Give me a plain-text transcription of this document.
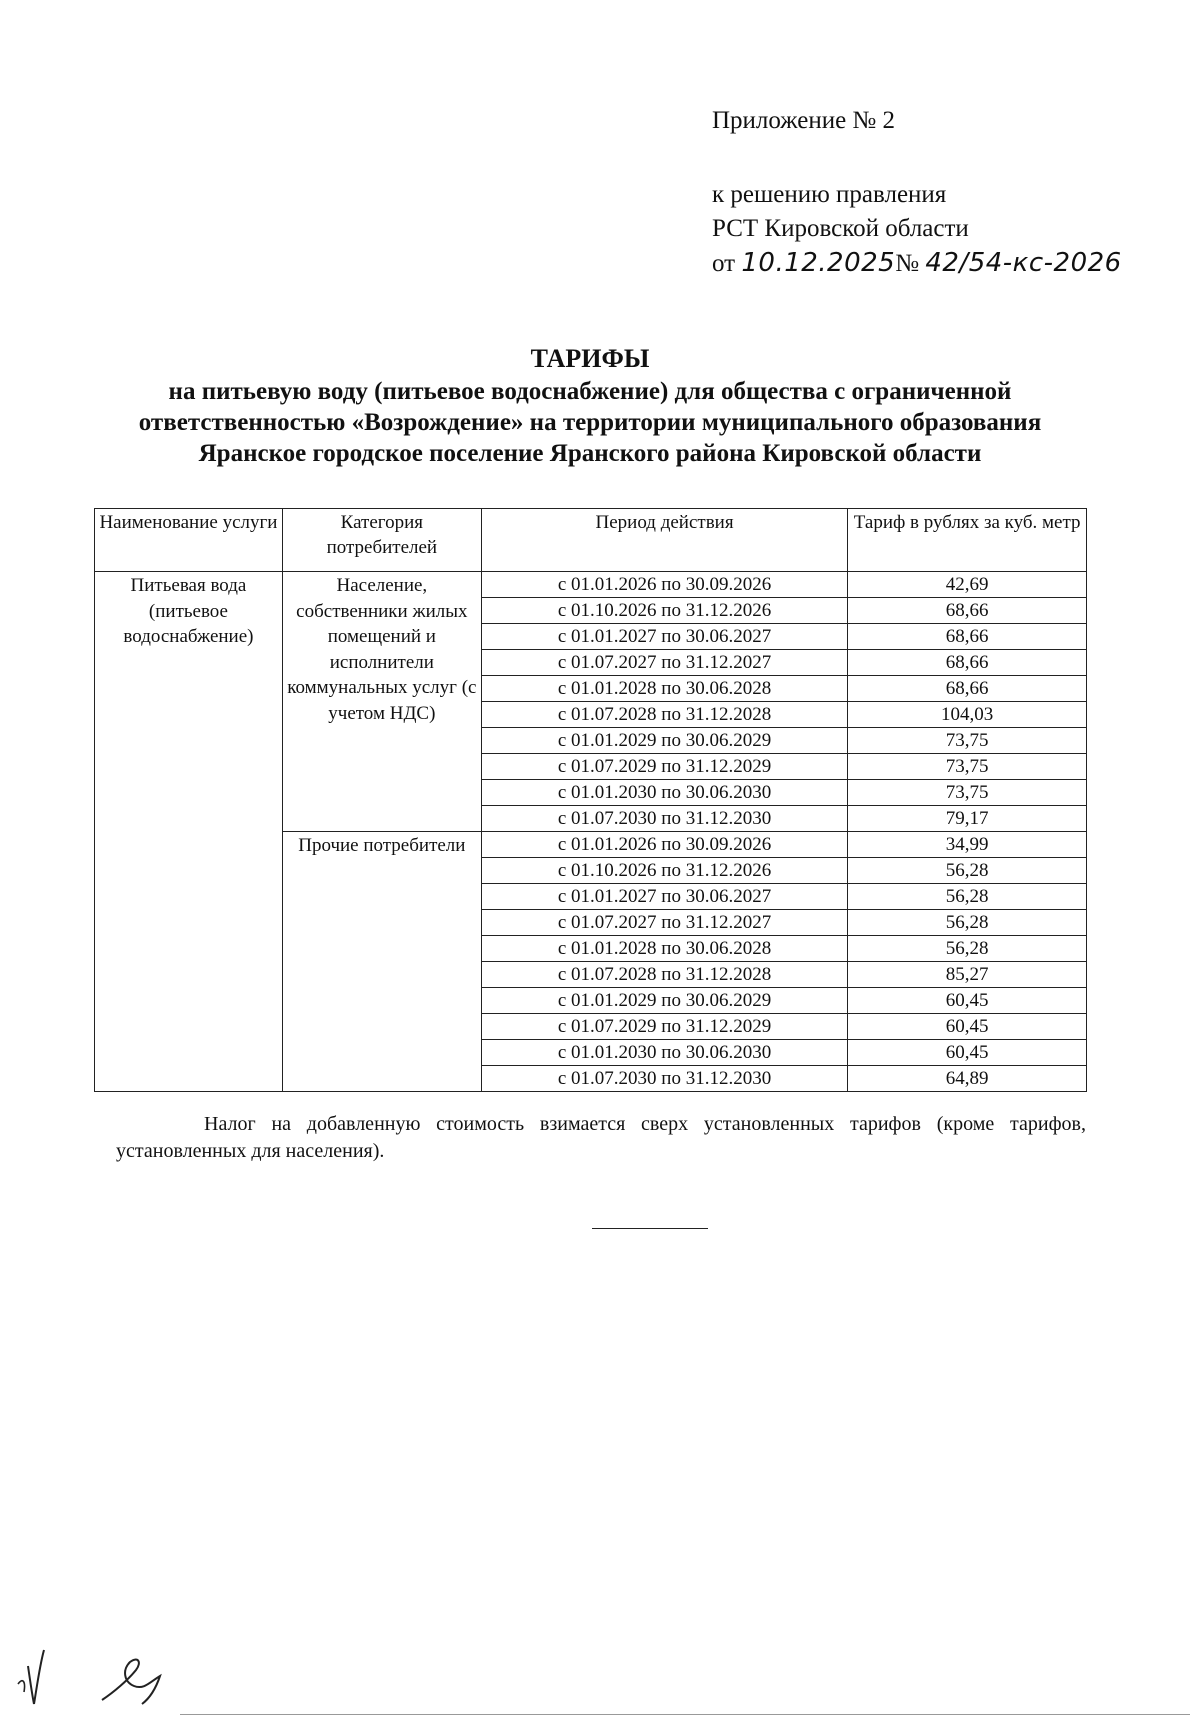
Приложение № 2
к решению правления
РСТ Кировской области
от 10.12.2025№ 42/54-кс-2026
ТАРИФЫ
на питьевую воду (питьевое водоснабжение) для общества с ограниченной ответственностью «Возрождение» на территории муниципального образования Яранское городское поселение Яранского района Кировской области
Наименование услуги	Категория потребителей	Период действия	Тариф в рублях за куб. метр
Питьевая вода (питьевое водоснабжение)	Население, собственники жилых помещений и исполнители коммунальных услуг (с учетом НДС)	с 01.01.2026 по 30.09.2026	42,69
		с 01.10.2026 по 31.12.2026	68,66
		с 01.01.2027 по 30.06.2027	68,66
		с 01.07.2027 по 31.12.2027	68,66
		с 01.01.2028 по 30.06.2028	68,66
		с 01.07.2028 по 31.12.2028	104,03
		с 01.01.2029 по 30.06.2029	73,75
		с 01.07.2029 по 31.12.2029	73,75
		с 01.01.2030 по 30.06.2030	73,75
		с 01.07.2030 по 31.12.2030	79,17
	Прочие потребители	с 01.01.2026 по 30.09.2026	34,99
		с 01.10.2026 по 31.12.2026	56,28
		с 01.01.2027 по 30.06.2027	56,28
		с 01.07.2027 по 31.12.2027	56,28
		с 01.01.2028 по 30.06.2028	56,28
		с 01.07.2028 по 31.12.2028	85,27
		с 01.01.2029 по 30.06.2029	60,45
		с 01.07.2029 по 31.12.2029	60,45
		с 01.01.2030 по 30.06.2030	60,45
		с 01.07.2030 по 31.12.2030	64,89
Налог на добавленную стоимость взимается сверх установленных тарифов (кроме тарифов, установленных для населения).
